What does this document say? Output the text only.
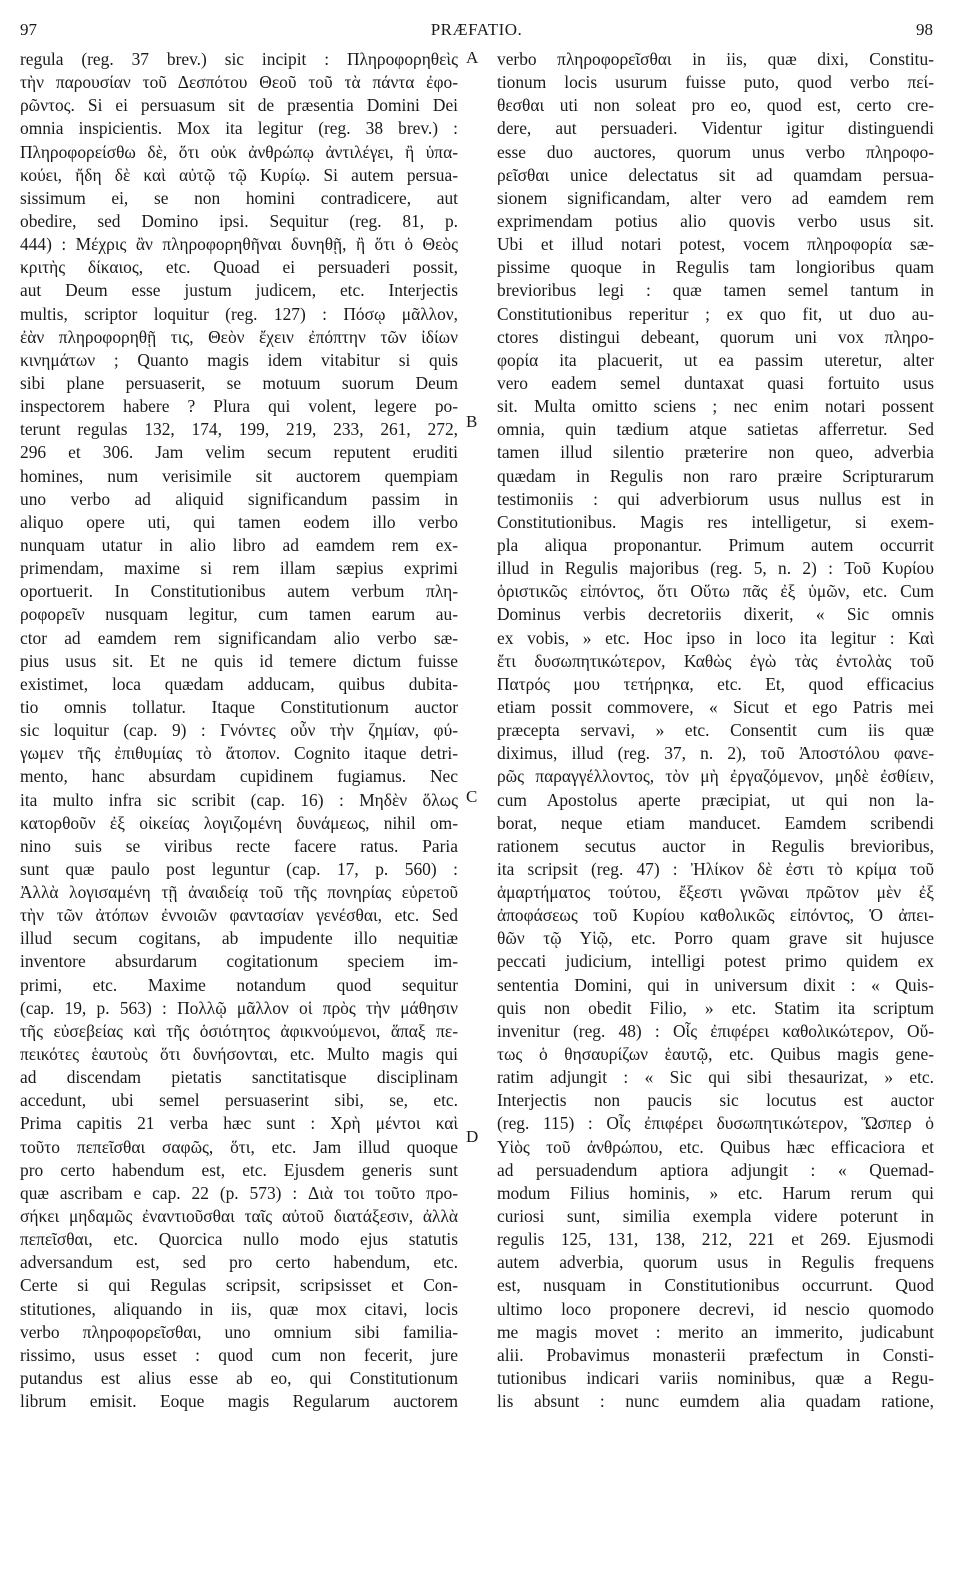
97	PRÆFATIO.	98
regula (reg. 37 brev.) sic incipit : Πληροφορηθεὶς
τὴν παρουσίαν τοῦ Δεσπότου Θεοῦ τοῦ τὰ πάντα ἐφο-
ρῶντος. Si ei persuasum sit de præsentia Domini Dei
omnia inspicientis. Mox ita legitur (reg. 38 brev.) :
Πληροφορείσθω δὲ, ὅτι οὐκ ἀνθρώπῳ ἀντιλέγει, ἢ ὑπα-
κούει, ἤδη δὲ καὶ αὐτῷ τῷ Κυρίῳ. Si autem persua-
sissimum ei, se non homini contradicere, aut
obedire, sed Domino ipsi. Sequitur (reg. 81, p.
444) : Μέχρις ἂν πληροφορηθῆναι δυνηθῇ, ἢ ὅτι ὁ Θεὸς
κριτὴς δίκαιος, etc. Quoad ei persuaderi possit,
aut Deum esse justum judicem, etc. Interjectis
multis, scriptor loquitur (reg. 127) : Πόσῳ μᾶλλον,
ἐὰν πληροφορηθῇ τις, Θεὸν ἔχειν ἐπόπτην τῶν ἰδίων
κινημάτων ; Quanto magis idem vitabitur si quis
sibi plane persuaserit, se motuum suorum Deum
inspectorem habere ? Plura qui volent, legere po-
terunt regulas 132, 174, 199, 219, 233, 261, 272,
296 et 306. Jam velim secum reputent eruditi
homines, num verisimile sit auctorem quempiam
uno verbo ad aliquid significandum passim in
aliquo opere uti, qui tamen eodem illo verbo
nunquam utatur in alio libro ad eamdem rem ex-
primendam, maxime si rem illam sæpius exprimi
oportuerit. In Constitutionibus autem verbum πλη-
ροφορεῖν nusquam legitur, cum tamen earum au-
ctor ad eamdem rem significandam alio verbo sæ-
pius usus sit. Et ne quis id temere dictum fuisse
existimet, loca quædam adducam, quibus dubita-
tio omnis tollatur. Itaque Constitutionum auctor
sic loquitur (cap. 9) : Γνόντες οὖν τὴν ζημίαν, φύ-
γωμεν τῆς ἐπιθυμίας τὸ ἄτοπον. Cognito itaque detri-
mento, hanc absurdam cupidinem fugiamus. Nec
ita multo infra sic scribit (cap. 16) : Μηδὲν ὅλως
κατορθοῦν ἐξ οἰκείας λογιζομένη δυνάμεως, nihil om-
nino suis se viribus recte facere ratus. Paria
sunt quæ paulo post leguntur (cap. 17, p. 560) :
Ἀλλὰ λογισαμένη τῇ ἀναιδείᾳ τοῦ τῆς πονηρίας εὑρετοῦ
τὴν τῶν ἀτόπων ἐννοιῶν φαντασίαν γενέσθαι, etc. Sed
illud secum cogitans, ab impudente illo nequitiæ
inventore absurdarum cogitationum speciem im-
primi, etc. Maxime notandum quod sequitur
(cap. 19, p. 563) : Πολλῷ μᾶλλον οἱ πρὸς τὴν μάθησιν
τῆς εὐσεβείας καὶ τῆς ὁσιότητος ἀφικνούμενοι, ἅπαξ πε-
πεικότες ἑαυτοὺς ὅτι δυνήσονται, etc. Multo magis qui
ad discendam pietatis sanctitatisque disciplinam
accedunt, ubi semel persuaserint sibi, se, etc.
Prima capitis 21 verba hæc sunt : Χρὴ μέντοι καὶ
τοῦτο πεπεῖσθαι σαφῶς, ὅτι, etc. Jam illud quoque
pro certo habendum est, etc. Ejusdem generis sunt
quæ ascribam e cap. 22 (p. 573) : Διὰ τοι τοῦτο προ-
σήκει μηδαμῶς ἐναντιοῦσθαι ταῖς αὐτοῦ διατάξεσιν, ἀλλὰ
πεπεῖσθαι, etc. Quorcica nullo modo ejus statutis
adversandum est, sed pro certo habendum, etc.
Certe si qui Regulas scripsit, scripsisset et Con-
stitutiones, aliquando in iis, quæ mox citavi, locis
verbo πληροφορεῖσθαι, uno omnium sibi familia-
rissimo, usus esset : quod cum non fecerit, jure
putandus est alius esse ab eo, qui Constitutionum
librum emisit. Eoque magis Regularum auctorem
verbo πληροφορεῖσθαι in iis, quæ dixi, Constitu-
tionum locis usurum fuisse puto, quod verbo πεί-
θεσθαι uti non soleat pro eo, quod est, certo cre-
dere, aut persuaderi. Videntur igitur distinguendi
esse duo auctores, quorum unus verbo πληροφο-
ρεῖσθαι unice delectatus sit ad quamdam persua-
sionem significandam, alter vero ad eamdem rem
exprimendam potius alio quovis verbo usus sit.
Ubi et illud notari potest, vocem πληροφορία sæ-
pissime quoque in Regulis tam longioribus quam
brevioribus legi : quæ tamen semel tantum in
Constitutionibus reperitur ; ex quo fit, ut duo au-
ctores distingui debeant, quorum uni vox πληρο-
φορία ita placuerit, ut ea passim uteretur, alter
vero eadem semel duntaxat quasi fortuito usus
sit. Multa omitto sciens ; nec enim notari possent
omnia, quin tædium atque satietas afferretur. Sed
tamen illud silentio præterire non queo, adverbia
quædam in Regulis non raro præire Scripturarum
testimoniis : qui adverbiorum usus nullus est in
Constitutionibus. Magis res intelligetur, si exem-
pla aliqua proponantur. Primum autem occurrit
illud in Regulis majoribus (reg. 5, n. 2) : Τοῦ Κυρίου
ὁριστικῶς εἰπόντος, ὅτι Οὕτω πᾶς ἐξ ὑμῶν, etc. Cum
Dominus verbis decretoriis dixerit, « Sic omnis
ex vobis, » etc. Hoc ipso in loco ita legitur : Καὶ
ἔτι δυσωπητικώτερον, Καθὼς ἐγὼ τὰς ἐντολὰς τοῦ
Πατρός μου τετήρηκα, etc. Et, quod efficacius
etiam possit commovere, « Sicut et ego Patris mei
præcepta servavi, » etc. Consentit cum iis quæ
diximus, illud (reg. 37, n. 2), τοῦ Ἀποστόλου φανε-
ρῶς παραγγέλλοντος, τὸν μὴ ἐργαζόμενον, μηδὲ ἐσθίειν,
cum Apostolus aperte præcipiat, ut qui non la-
borat, neque etiam manducet. Eamdem scribendi
rationem secutus auctor in Regulis brevioribus,
ita scripsit (reg. 47) : Ἠλίκον δὲ ἐστι τὸ κρίμα τοῦ
ἁμαρτήματος τούτου, ἔξεστι γνῶναι πρῶτον μὲν ἐξ
ἀποφάσεως τοῦ Κυρίου καθολικῶς εἰπόντος, Ὁ ἀπει-
θῶν τῷ Υἱῷ, etc. Porro quam grave sit hujusce
peccati judicium, intelligi potest primo quidem ex
sententia Domini, qui in universum dixit : « Quis-
quis non obedit Filio, » etc. Statim ita scriptum
invenitur (reg. 48) : Οἷς ἐπιφέρει καθολικώτερον, Οὕ-
τως ὁ θησαυρίζων ἑαυτῷ, etc. Quibus magis gene-
ratim adjungit : « Sic qui sibi thesaurizat, » etc.
Interjectis non paucis sic locutus est auctor
(reg. 115) : Οἷς ἐπιφέρει δυσωπητικώτερον, Ὥσπερ ὁ
Υἱὸς τοῦ ἀνθρώπου, etc. Quibus hæc efficaciora et
ad persuadendum aptiora adjungit : « Quemad-
modum Filius hominis, » etc. Harum rerum qui
curiosi sunt, similia exempla videre poterunt in
regulis 125, 131, 138, 212, 221 et 269. Ejusmodi
autem adverbia, quorum usus in Regulis frequens
est, nusquam in Constitutionibus occurrunt. Quod
ultimo loco proponere decrevi, id nescio quomodo
me magis movet : merito an immerito, judicabunt
alii. Probavimus monasterii præfectum in Consti-
tutionibus indicari variis nominibus, quæ a Regu-
lis absunt : nunc eumdem alia quadam ratione,
A
B
C
D
